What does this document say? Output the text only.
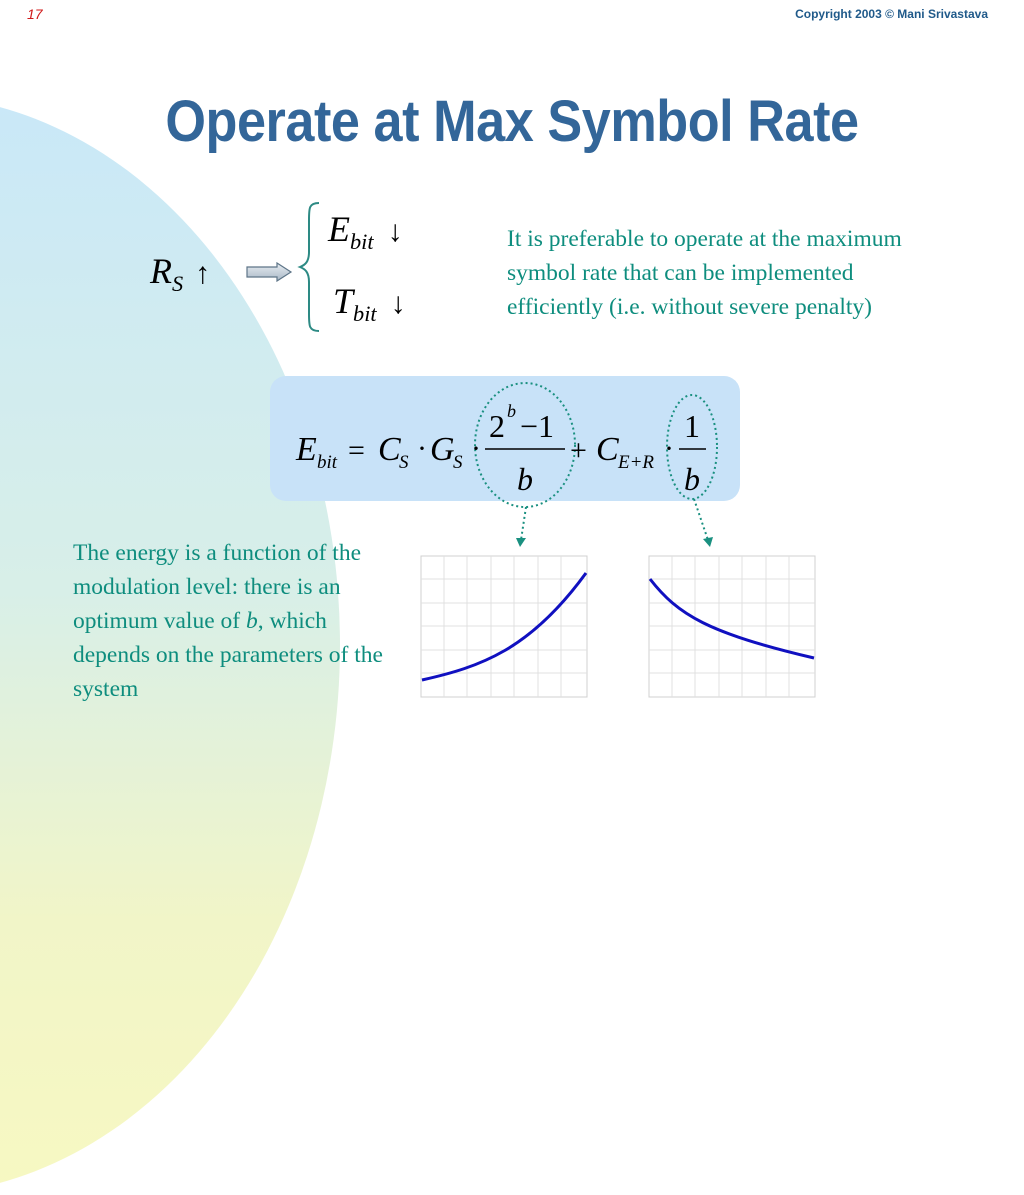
17	Copyright 2003 © Mani Srivastava
Operate at Max Symbol Rate
$R_S$ ↑
$E_{bit}$ ↓
$T_{bit}$ ↓
It is preferable to operate at the maximum symbol rate that can be implemented efficiently (i.e. without severe penalty)
E bit = C
S · G
S ·
2 b −1
b
+ C E+R ·
1
b
The energy is a function of the modulation level: there is an optimum value of b, which depends on the parameters of the system
